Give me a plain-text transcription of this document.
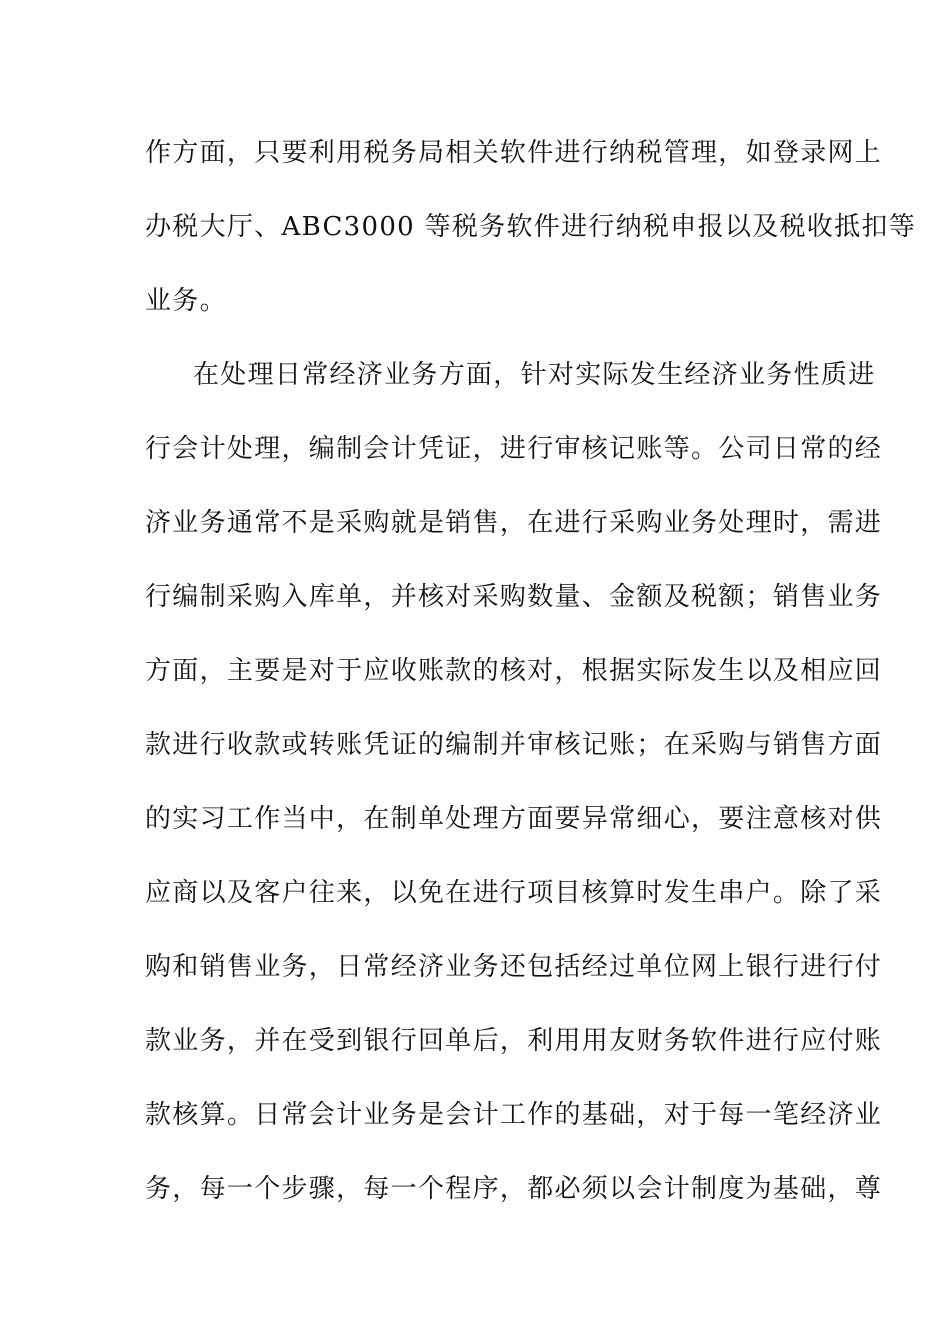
作方面，只要利用税务局相关软件进行纳税管理，如登录网上
办税大厅、ABC3000 等税务软件进行纳税申报以及税收抵扣等
业务。
在处理日常经济业务方面，针对实际发生经济业务性质进
行会计处理，编制会计凭证，进行审核记账等。公司日常的经
济业务通常不是采购就是销售，在进行采购业务处理时，需进
行编制采购入库单，并核对采购数量、金额及税额；销售业务
方面，主要是对于应收账款的核对，根据实际发生以及相应回
款进行收款或转账凭证的编制并审核记账；在采购与销售方面
的实习工作当中，在制单处理方面要异常细心，要注意核对供
应商以及客户往来，以免在进行项目核算时发生串户。除了采
购和销售业务，日常经济业务还包括经过单位网上银行进行付
款业务，并在受到银行回单后，利用用友财务软件进行应付账
款核算。日常会计业务是会计工作的基础，对于每一笔经济业
务，每一个步骤，每一个程序，都必须以会计制度为基础，尊
